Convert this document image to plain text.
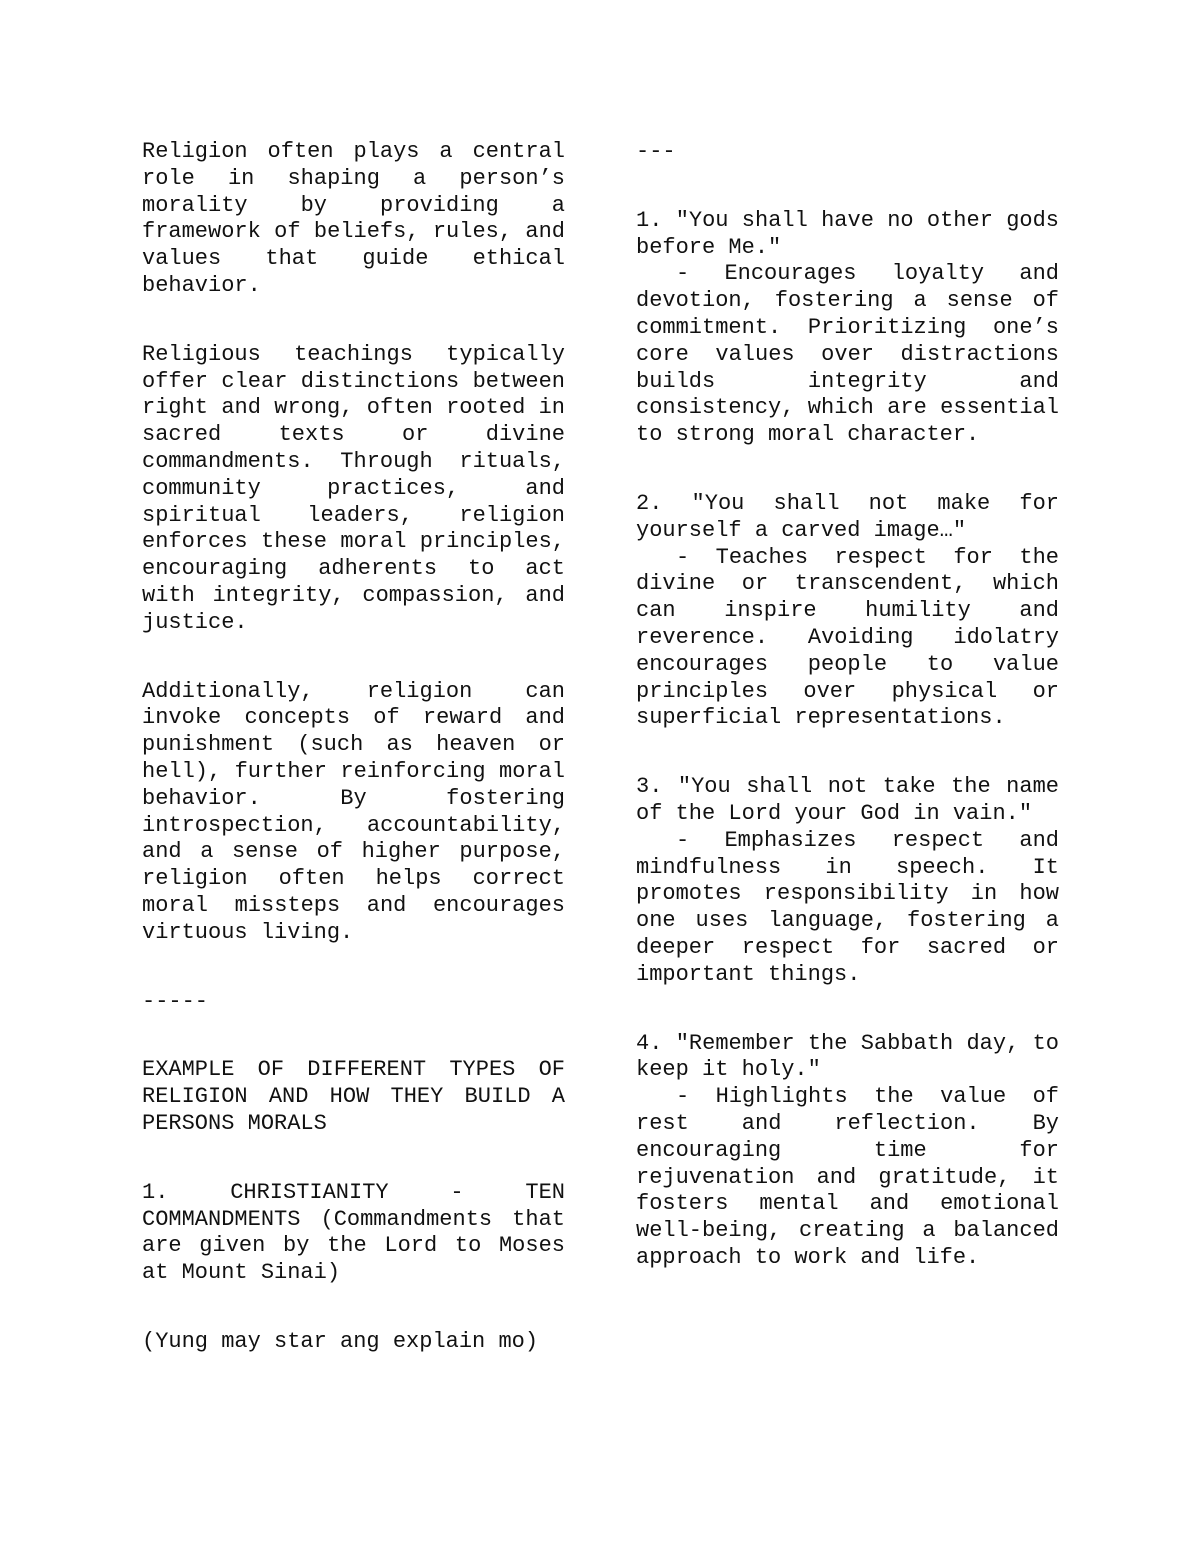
Religion often plays a central role in shaping a person’s morality by providing a framework of beliefs, rules, and values that guide ethical behavior.

Religious teachings typically offer clear distinctions between right and wrong, often rooted in sacred texts or divine commandments. Through rituals, community practices, and spiritual leaders, religion enforces these moral principles, encouraging adherents to act with integrity, compassion, and justice.

Additionally, religion can invoke concepts of reward and punishment (such as heaven or hell), further reinforcing moral behavior. By fostering introspection, accountability, and a sense of higher purpose, religion often helps correct moral missteps and encourages virtuous living.

-----

EXAMPLE OF DIFFERENT TYPES OF RELIGION AND HOW THEY BUILD A PERSONS MORALS

1. CHRISTIANITY - TEN COMMANDMENTS (Commandments that are given by the Lord to Moses at Mount Sinai)

(Yung may star ang explain mo)

---

1. "You shall have no other gods before Me."
- Encourages loyalty and devotion, fostering a sense of commitment. Prioritizing one’s core values over distractions builds integrity and consistency, which are essential to strong moral character.
2. "You shall not make for yourself a carved image…"
- Teaches respect for the divine or transcendent, which can inspire humility and reverence. Avoiding idolatry encourages people to value principles over physical or superficial representations.
3. "You shall not take the name of the Lord your God in vain."
- Emphasizes respect and mindfulness in speech. It promotes responsibility in how one uses language, fostering a deeper respect for sacred or important things.
4. "Remember the Sabbath day, to keep it holy."
- Highlights the value of rest and reflection. By encouraging time for rejuvenation and gratitude, it fosters mental and emotional well-being, creating a balanced approach to work and life.
